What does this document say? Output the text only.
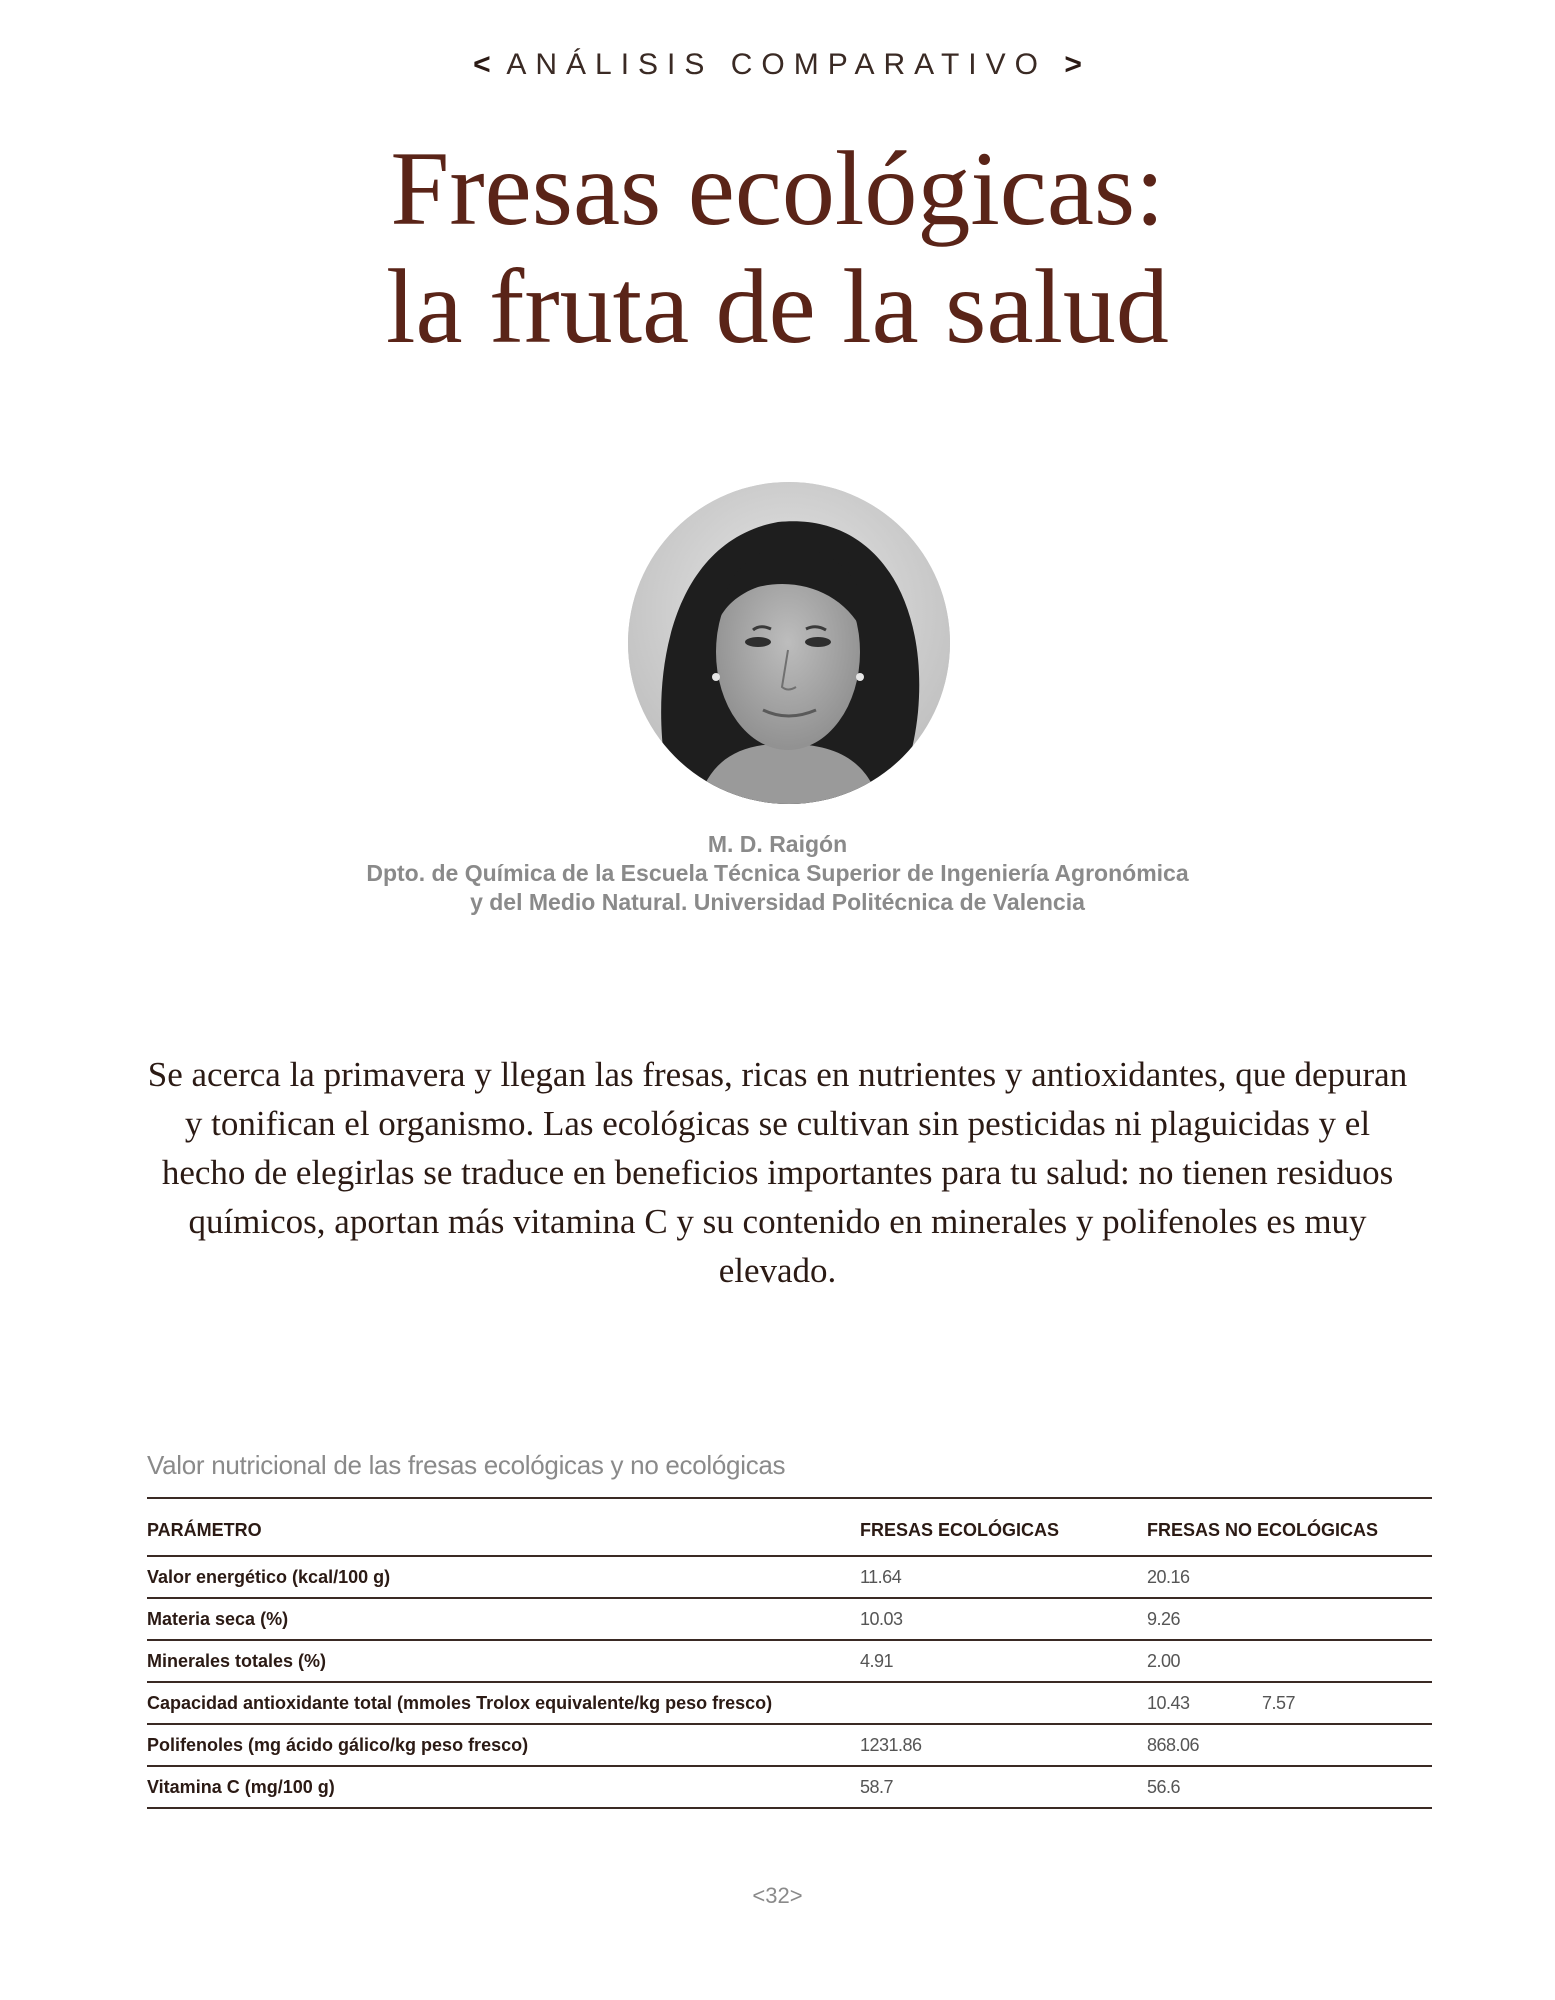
< ANÁLISIS COMPARATIVO >
Fresas ecológicas:
la fruta de la salud
M. D. Raigón
Dpto. de Química de la Escuela Técnica Superior de Ingeniería Agronómica
y del Medio Natural. Universidad Politécnica de Valencia

Se acerca la primavera y llegan las fresas, ricas en nutrientes y antioxidantes, que depuran y tonifican el organismo. Las ecológicas se cultivan sin pesticidas ni plaguicidas y el hecho de elegirlas se traduce en beneficios importantes para tu salud: no tienen residuos químicos, aportan más vitamina C y su contenido en minerales y polifenoles es muy elevado.

Valor nutricional de las fresas ecológicas y no ecológicas
PARÁMETRO	FRESAS ECOLÓGICAS	FRESAS NO ECOLÓGICAS	
Valor energético (kcal/100 g)	11.64	20.16	
Materia seca (%)	10.03	9.26	
Minerales totales (%)	4.91	2.00	
Capacidad antioxidante total (mmoles Trolox equivalente/kg peso fresco)		10.43	7.57
Polifenoles (mg ácido gálico/kg peso fresco)	1231.86	868.06	
Vitamina C (mg/100 g)	58.7	56.6	
<32>
